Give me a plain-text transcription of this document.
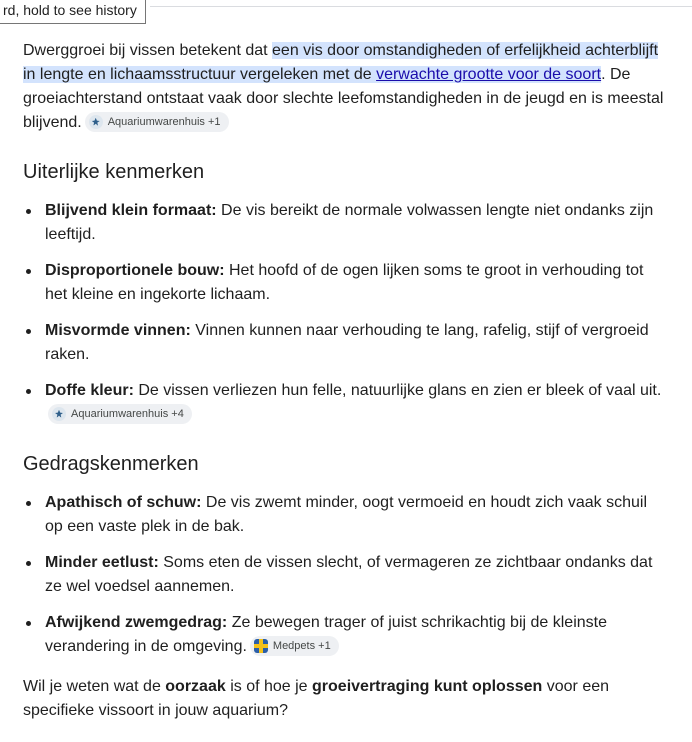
rd, hold to see history

Dwerggroei bij vissen betekent dat een vis door omstandigheden of erfelijkheid achterblijft in lengte en lichaamsstructuur vergeleken met de verwachte grootte voor de soort. De groeiachterstand ontstaat vaak door slechte leefomstandigheden in de jeugd en is meestal blijvend. Aquariumwarenhuis +1

Uiterlijke kenmerken
Blijvend klein formaat: De vis bereikt de normale volwassen lengte niet ondanks zijn leeftijd.
Disproportionele bouw: Het hoofd of de ogen lijken soms te groot in verhouding tot het kleine en ingekorte lichaam.
Misvormde vinnen: Vinnen kunnen naar verhouding te lang, rafelig, stijf of vergroeid raken.
Doffe kleur: De vissen verliezen hun felle, natuurlijke glans en zien er bleek of vaal uit.
Aquariumwarenhuis +4
Gedragskenmerken
Apathisch of schuw: De vis zwemt minder, oogt vermoeid en houdt zich vaak schuil op een vaste plek in de bak.
Minder eetlust: Soms eten de vissen slecht, of vermageren ze zichtbaar ondanks dat ze wel voedsel aannemen.
Afwijkend zwemgedrag: Ze bewegen trager of juist schrikachtig bij de kleinste verandering in de omgeving. Medpets +1

Wil je weten wat de oorzaak is of hoe je groeivertraging kunt oplossen voor een specifieke vissoort in jouw aquarium?
